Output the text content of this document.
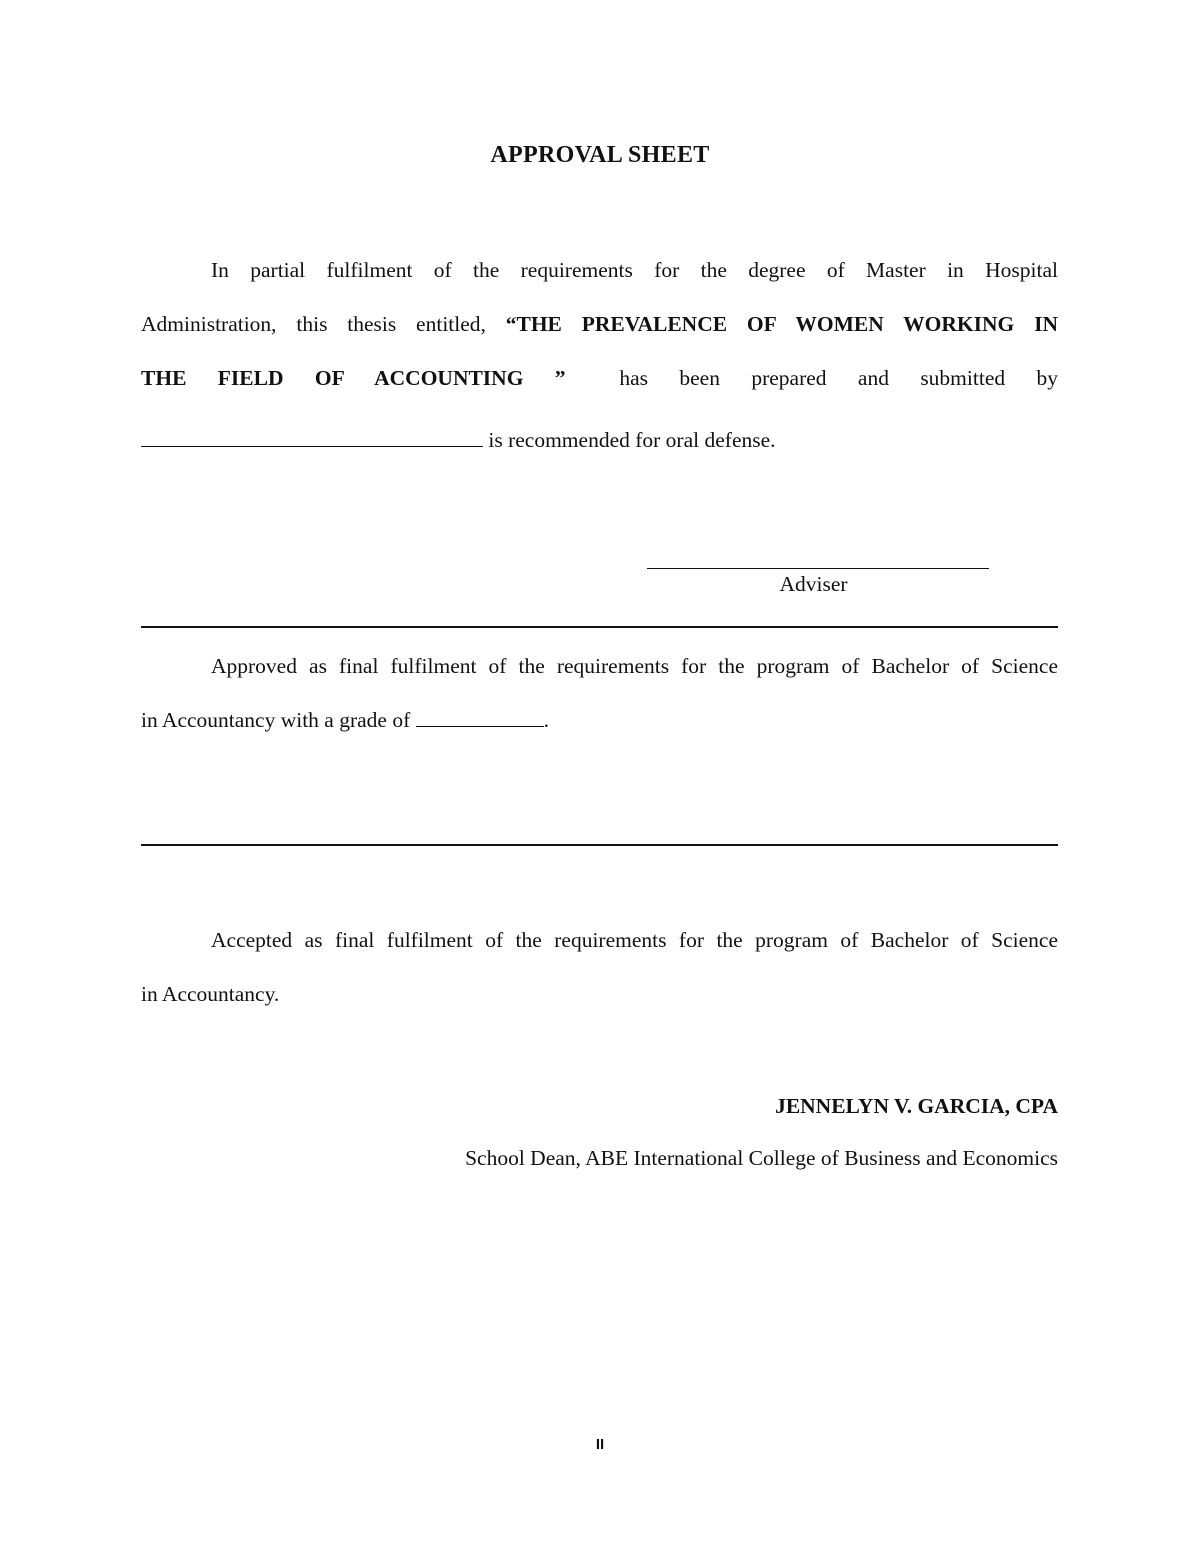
APPROVAL SHEET
In partial fulfilment of the requirements for the degree of Master in Hospital
Administration, this thesis entitled, “THE PREVALENCE OF WOMEN WORKING IN
THE FIELD OF ACCOUNTING ”	has been prepared and submitted by
is recommended for oral defense.
Adviser
Approved as final fulfilment of the requirements for the program of Bachelor of Science
in Accountancy with a grade of	.
Accepted as final fulfilment of the requirements for the program of Bachelor of Science
in Accountancy.
JENNELYN V. GARCIA, CPA
School Dean, ABE International College of Business and Economics
II
